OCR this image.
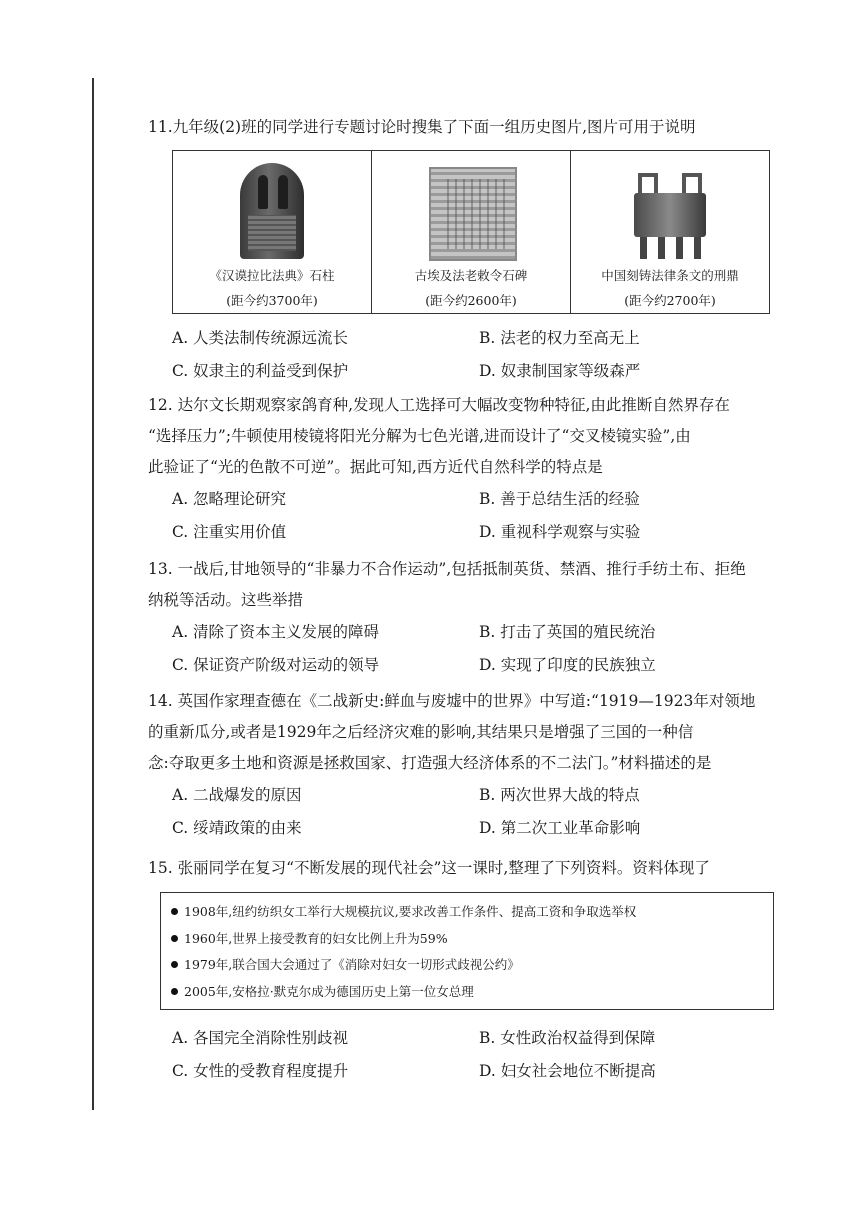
11.九年级(2)班的同学进行专题讨论时搜集了下面一组历史图片,图片可用于说明

《汉谟拉比法典》石柱
(距今约3700年)
古埃及法老敕令石碑
(距今约2600年)
中国刻铸法律条文的刑鼎
(距今约2700年)
A. 人类法制传统源远流长	B. 法老的权力至高无上
C. 奴隶主的利益受到保护	D. 奴隶制国家等级森严

12. 达尔文长期观察家鸽育种,发现人工选择可大幅改变物种特征,由此推断自然界存在

“选择压力”;牛顿使用棱镜将阳光分解为七色光谱,进而设计了“交叉棱镜实验”,由

此验证了“光的色散不可逆”。据此可知,西方近代自然科学的特点是

A. 忽略理论研究	B. 善于总结生活的经验
C. 注重实用价值	D. 重视科学观察与实验

13. 一战后,甘地领导的“非暴力不合作运动”,包括抵制英货、禁酒、推行手纺土布、拒绝

纳税等活动。这些举措

A. 清除了资本主义发展的障碍	B. 打击了英国的殖民统治
C. 保证资产阶级对运动的领导	D. 实现了印度的民族独立

14. 英国作家理查德在《二战新史:鲜血与废墟中的世界》中写道:“1919—1923年对领地

的重新瓜分,或者是1929年之后经济灾难的影响,其结果只是增强了三国的一种信

念:夺取更多土地和资源是拯救国家、打造强大经济体系的不二法门。”材料描述的是

A. 二战爆发的原因	B. 两次世界大战的特点
C. 绥靖政策的由来	D. 第二次工业革命影响

15. 张丽同学在复习“不断发展的现代社会”这一课时,整理了下列资料。资料体现了

1908年,纽约纺织女工举行大规模抗议,要求改善工作条件、提高工资和争取选举权
1960年,世界上接受教育的妇女比例上升为59%
1979年,联合国大会通过了《消除对妇女一切形式歧视公约》
2005年,安格拉·默克尔成为德国历史上第一位女总理
A. 各国完全消除性别歧视	B. 女性政治权益得到保障
C. 女性的受教育程度提升	D. 妇女社会地位不断提高
